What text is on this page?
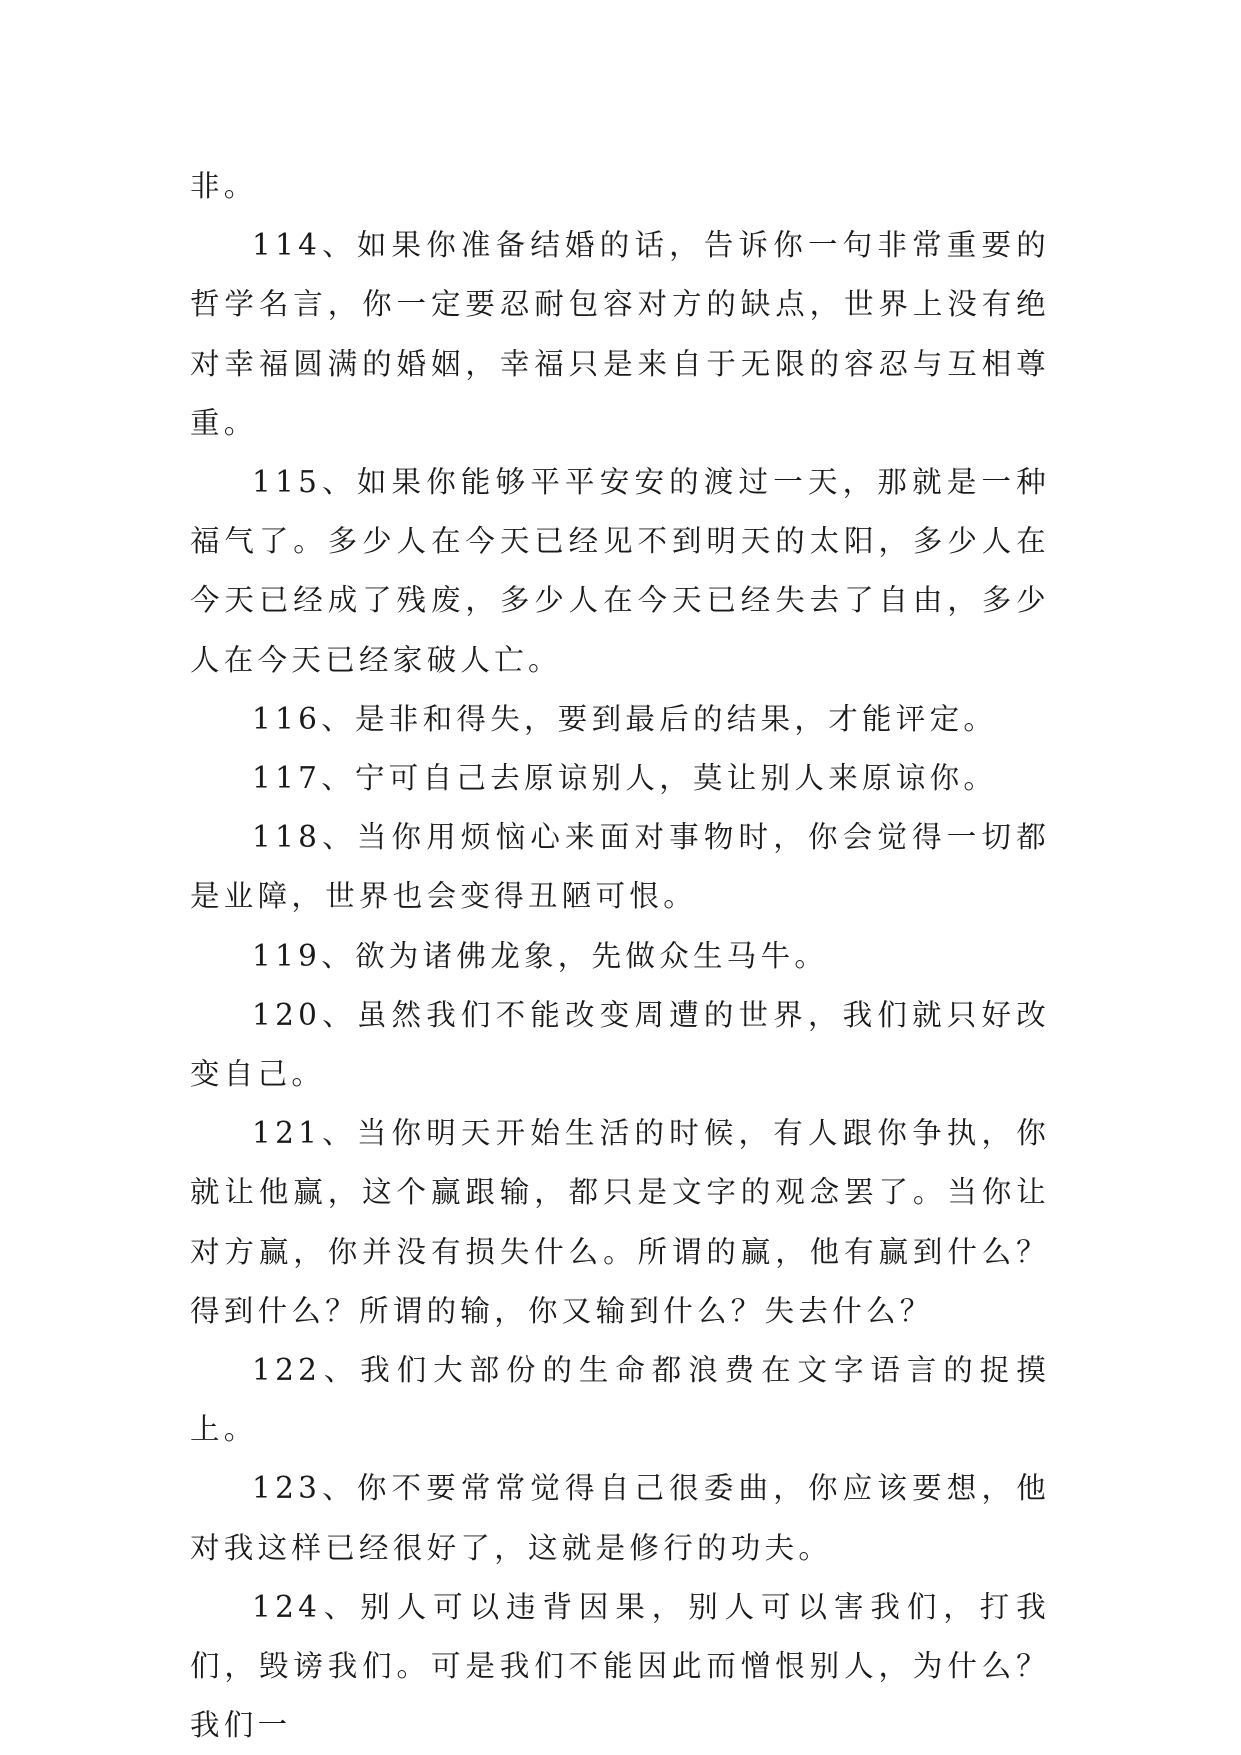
非。

114、如果你准备结婚的话，告诉你一句非常重要的哲学名言，你一定要忍耐包容对方的缺点，世界上没有绝对幸福圆满的婚姻，幸福只是来自于无限的容忍与互相尊重。

115、如果你能够平平安安的渡过一天，那就是一种福气了。多少人在今天已经见不到明天的太阳，多少人在今天已经成了残废，多少人在今天已经失去了自由，多少人在今天已经家破人亡。

116、是非和得失，要到最后的结果，才能评定。

117、宁可自己去原谅别人，莫让别人来原谅你。

118、当你用烦恼心来面对事物时，你会觉得一切都是业障，世界也会变得丑陋可恨。

119、欲为诸佛龙象，先做众生马牛。

120、虽然我们不能改变周遭的世界，我们就只好改变自己。

121、当你明天开始生活的时候，有人跟你争执，你就让他赢，这个赢跟输，都只是文字的观念罢了。当你让对方赢，你并没有损失什么。所谓的赢，他有赢到什么？得到什么？所谓的输，你又输到什么？失去什么？

122、我们大部份的生命都浪费在文字语言的捉摸上。

123、你不要常常觉得自己很委曲，你应该要想，他对我这样已经很好了，这就是修行的功夫。

124、别人可以违背因果，别人可以害我们，打我们，毁谤我们。可是我们不能因此而憎恨别人，为什么？我们一
